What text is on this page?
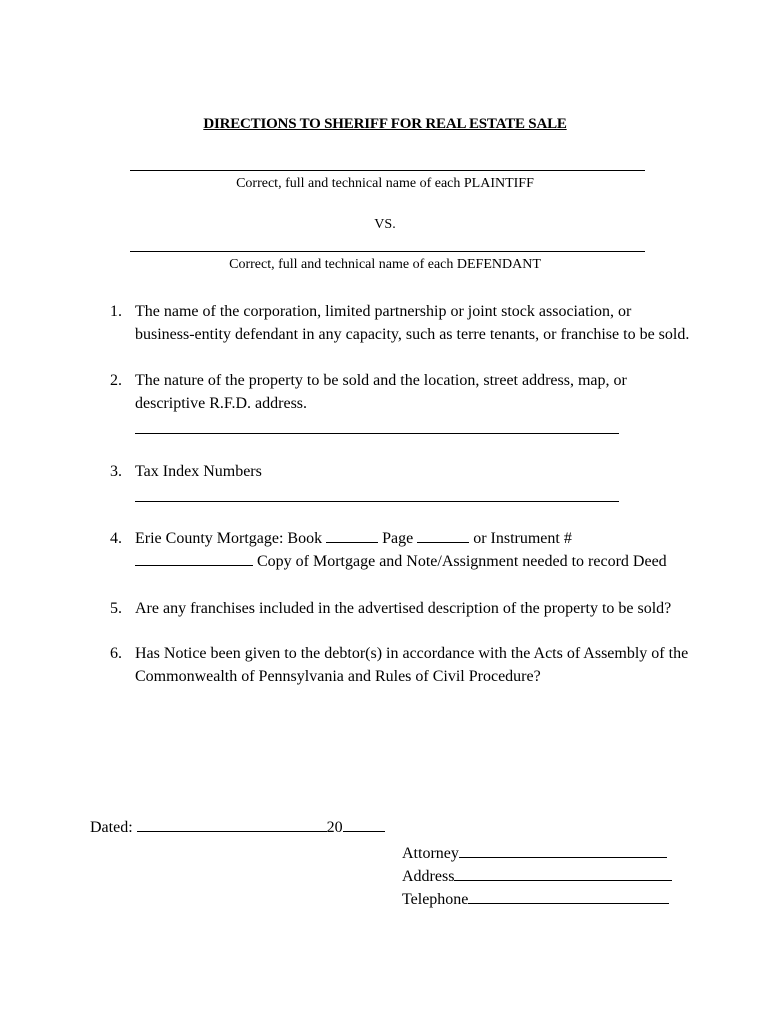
DIRECTIONS TO SHERIFF FOR REAL ESTATE SALE
Correct, full and technical name of each PLAINTIFF
VS.
Correct, full and technical name of each DEFENDANT
1. The name of the corporation, limited partnership or joint stock association, or business-entity defendant in any capacity, such as terre tenants, or franchise to be sold.
2. The nature of the property to be sold and the location, street address, map, or descriptive R.F.D. address.
3. Tax Index Numbers
4. Erie County Mortgage: Book	Page	or Instrument #
Copy of Mortgage and Note/Assignment needed to record Deed
5. Are any franchises included in the advertised description of the property to be sold?
6. Has Notice been given to the debtor(s) in accordance with the Acts of Assembly of the Commonwealth of Pennsylvania and Rules of Civil Procedure?
Dated:	20
Attorney
Address
Telephone
